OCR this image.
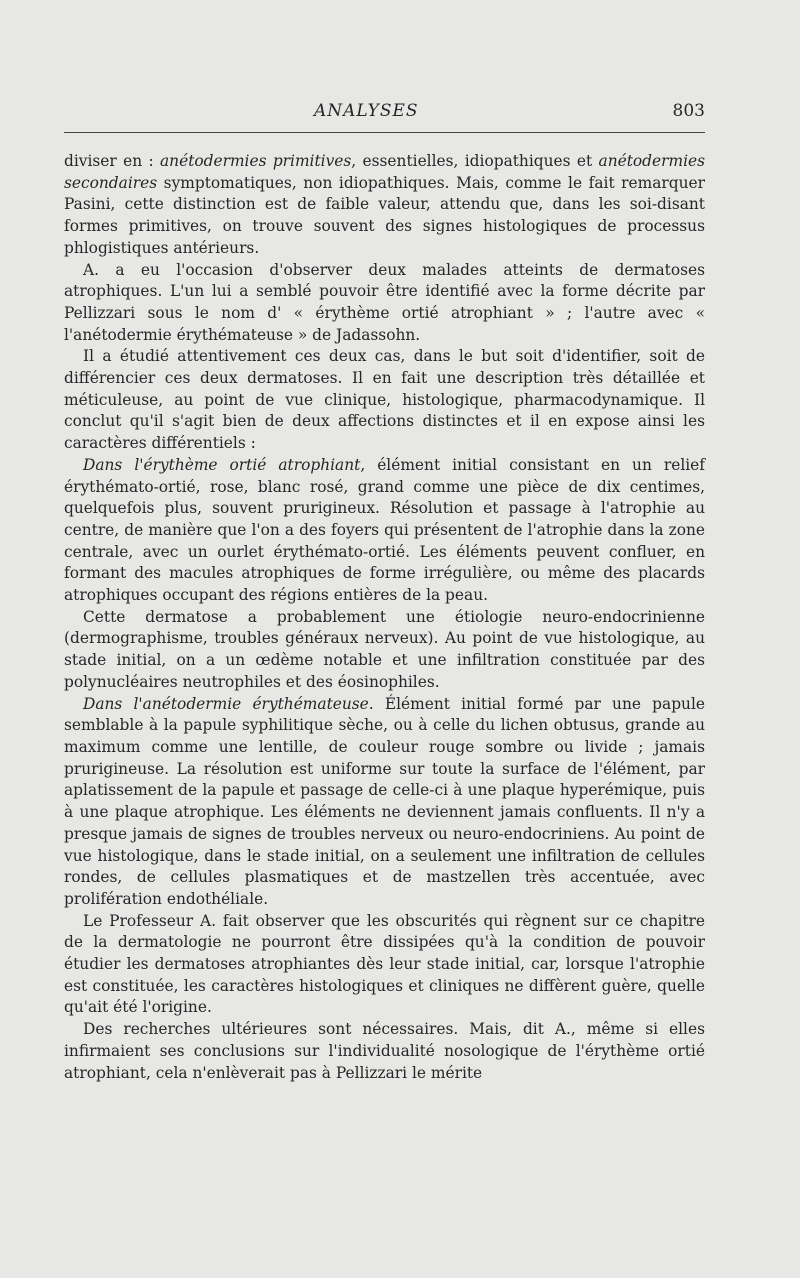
ANALYSES	803

diviser en : anétodermies primitives, essentielles, idiopathiques et anétodermies secondaires symptomatiques, non idiopathiques. Mais, comme le fait remarquer Pasini, cette distinction est de faible valeur, attendu que, dans les soi-disant formes primitives, on trouve souvent des signes histologiques de processus phlogistiques antérieurs.

A. a eu l'occasion d'observer deux malades atteints de dermatoses atrophiques. L'un lui a semblé pouvoir être identifié avec la forme décrite par Pellizzari sous le nom d' « érythème ortié atrophiant » ; l'autre avec « l'anétodermie érythémateuse » de Jadassohn.

Il a étudié attentivement ces deux cas, dans le but soit d'identifier, soit de différencier ces deux dermatoses. Il en fait une description très détaillée et méticuleuse, au point de vue clinique, histologique, pharmacodynamique. Il conclut qu'il s'agit bien de deux affections distinctes et il en expose ainsi les caractères différentiels :

Dans l'érythème ortié atrophiant, élément initial consistant en un relief érythémato-ortié, rose, blanc rosé, grand comme une pièce de dix centimes, quelquefois plus, souvent prurigineux. Résolution et passage à l'atrophie au centre, de manière que l'on a des foyers qui présentent de l'atrophie dans la zone centrale, avec un ourlet érythémato-ortié. Les éléments peuvent confluer, en formant des macules atrophiques de forme irrégulière, ou même des placards atrophiques occupant des régions entières de la peau.

Cette dermatose a probablement une étiologie neuro-endocrinienne (dermographisme, troubles généraux nerveux). Au point de vue histologique, au stade initial, on a un œdème notable et une infiltration constituée par des polynucléaires neutrophiles et des éosinophiles.

Dans l'anétodermie érythémateuse. Élément initial formé par une papule semblable à la papule syphilitique sèche, ou à celle du lichen obtusus, grande au maximum comme une lentille, de couleur rouge sombre ou livide ; jamais prurigineuse. La résolution est uniforme sur toute la surface de l'élément, par aplatissement de la papule et passage de celle-ci à une plaque hyperémique, puis à une plaque atrophique. Les éléments ne deviennent jamais confluents. Il n'y a presque jamais de signes de troubles nerveux ou neuro-endocriniens. Au point de vue histologique, dans le stade initial, on a seulement une infiltration de cellules rondes, de cellules plasmatiques et de mastzellen très accentuée, avec prolifération endothéliale.

Le Professeur A. fait observer que les obscurités qui règnent sur ce chapitre de la dermatologie ne pourront être dissipées qu'à la condition de pouvoir étudier les dermatoses atrophiantes dès leur stade initial, car, lorsque l'atrophie est constituée, les caractères histologiques et cliniques ne diffèrent guère, quelle qu'ait été l'origine.

Des recherches ultérieures sont nécessaires. Mais, dit A., même si elles infirmaient ses conclusions sur l'individualité nosologique de l'érythème ortié atrophiant, cela n'enlèverait pas à Pellizzari le mérite
